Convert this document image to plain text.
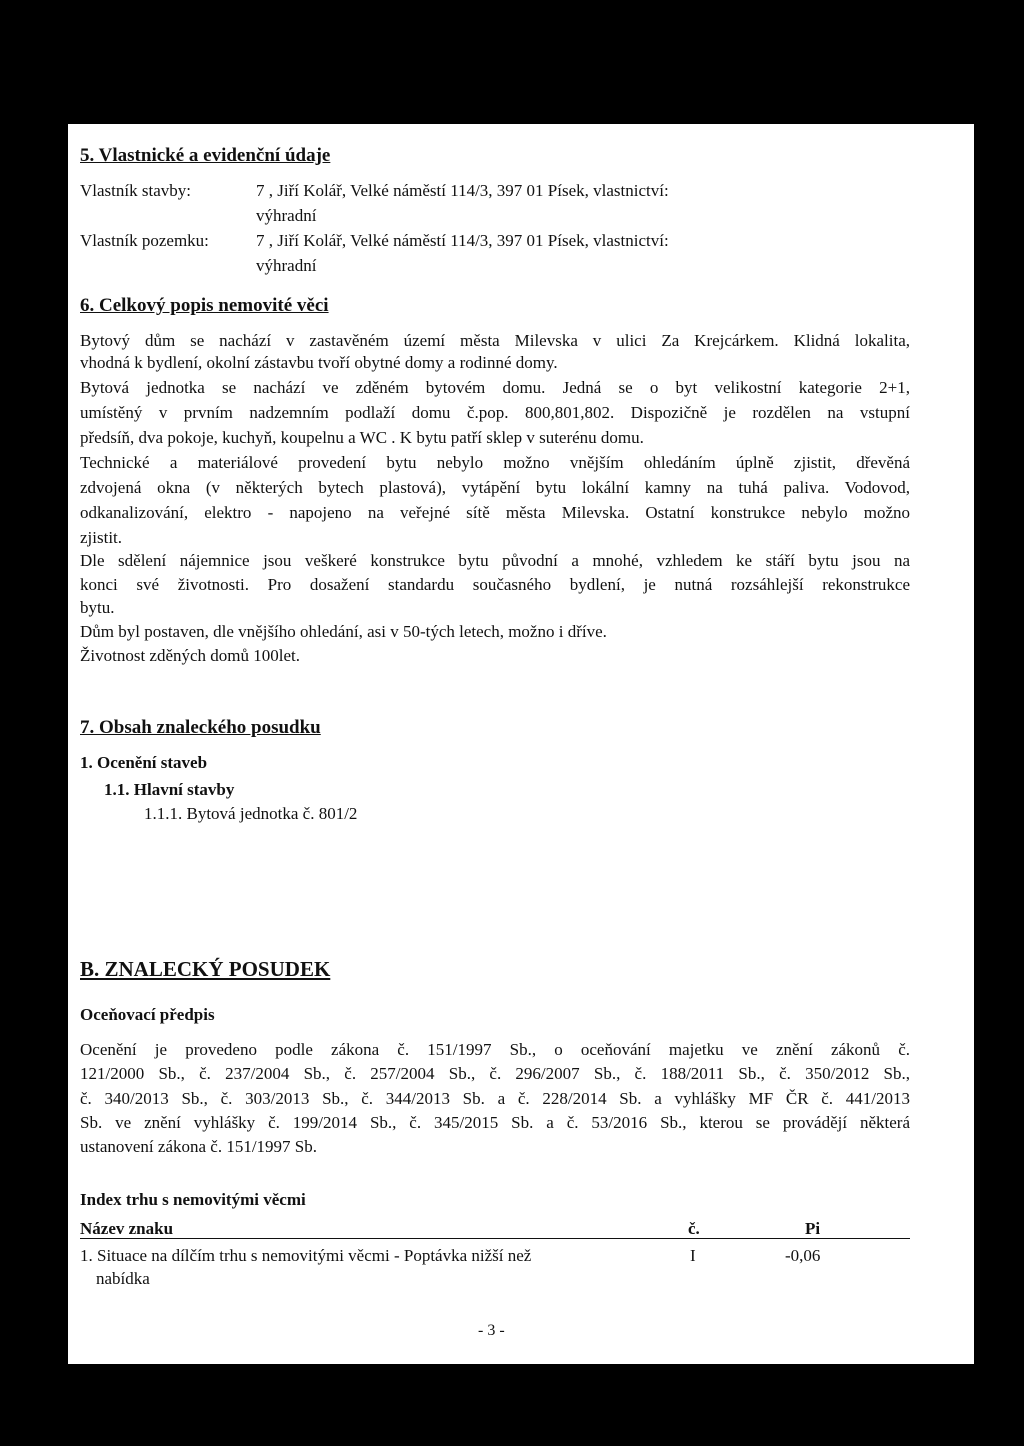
5. Vlastnické a evidenční údaje
Vlastník stavby:	7 , Jiří Kolář, Velké náměstí 114/3, 397 01 Písek, vlastnictví:
výhradní
Vlastník pozemku:	7 , Jiří Kolář, Velké náměstí 114/3, 397 01 Písek, vlastnictví:
výhradní
6. Celkový popis nemovité věci
Bytový dům se nachází v zastavěném území města Milevska v ulici Za Krejcárkem. Klidná lokalita,
vhodná k bydlení, okolní zástavbu tvoří obytné domy a rodinné domy.
Bytová jednotka se nachází ve zděném bytovém domu. Jedná se o byt velikostní kategorie 2+1,
umístěný v prvním nadzemním podlaží domu č.pop. 800,801,802. Dispozičně je rozdělen na vstupní
předsíň, dva pokoje, kuchyň, koupelnu a WC . K bytu patří sklep v suterénu domu.
Technické a materiálové provedení bytu nebylo možno vnějším ohledáním úplně zjistit, dřevěná
zdvojená okna (v některých bytech plastová), vytápění bytu lokální kamny na tuhá paliva. Vodovod,
odkanalizování, elektro - napojeno na veřejné sítě města Milevska. Ostatní konstrukce nebylo možno
zjistit.
Dle sdělení nájemnice jsou veškeré konstrukce bytu původní a mnohé, vzhledem ke stáří bytu jsou na
konci své životnosti. Pro dosažení standardu současného bydlení, je nutná rozsáhlejší rekonstrukce
bytu.
Dům byl postaven, dle vnějšího ohledání, asi v 50-tých letech, možno i dříve.
Životnost zděných domů 100let.
7. Obsah znaleckého posudku
1. Ocenění staveb
1.1. Hlavní stavby
1.1.1. Bytová jednotka č. 801/2
B. ZNALECKÝ POSUDEK
Oceňovací předpis
Ocenění je provedeno podle zákona č. 151/1997 Sb., o oceňování majetku ve znění zákonů č.
121/2000 Sb., č. 237/2004 Sb., č. 257/2004 Sb., č. 296/2007 Sb., č. 188/2011 Sb., č. 350/2012 Sb.,
č. 340/2013 Sb., č. 303/2013 Sb., č. 344/2013 Sb. a č. 228/2014 Sb. a vyhlášky MF ČR č. 441/2013
Sb. ve znění vyhlášky č. 199/2014 Sb., č. 345/2015 Sb. a č. 53/2016 Sb., kterou se provádějí některá
ustanovení zákona č. 151/1997 Sb.
Index trhu s nemovitými věcmi
Název znaku	č.	Pi
1. Situace na dílčím trhu s nemovitými věcmi - Poptávka nižší než
nabídka
I	-0,06
- 3 -
